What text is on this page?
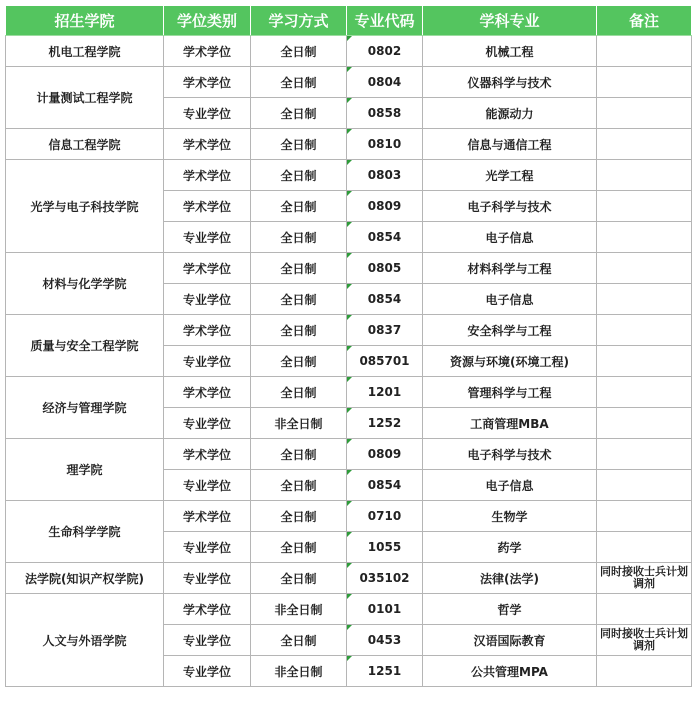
招生学院	学位类别	学习方式	专业代码	学科专业	备注
机电工程学院	学术学位	全日制	0802	机械工程	
计量测试工程学院	学术学位	全日制	0804	仪器科学与技术	
	专业学位	全日制	0858	能源动力	
信息工程学院	学术学位	全日制	0810	信息与通信工程	
光学与电子科技学院	学术学位	全日制	0803	光学工程	
	学术学位	全日制	0809	电子科学与技术	
	专业学位	全日制	0854	电子信息	
材料与化学学院	学术学位	全日制	0805	材料科学与工程	
	专业学位	全日制	0854	电子信息	
质量与安全工程学院	学术学位	全日制	0837	安全科学与工程	
	专业学位	全日制	085701	资源与环境(环境工程)	
经济与管理学院	学术学位	全日制	1201	管理科学与工程	
	专业学位	非全日制	1252	工商管理MBA	
理学院	学术学位	全日制	0809	电子科学与技术	
	专业学位	全日制	0854	电子信息	
生命科学学院	学术学位	全日制	0710	生物学	
	专业学位	全日制	1055	药学	
法学院(知识产权学院)	专业学位	全日制	035102	法律(法学)	同时接收士兵计划调剂
人文与外语学院	学术学位	非全日制	0101	哲学	
	专业学位	全日制	0453	汉语国际教育	同时接收士兵计划调剂
	专业学位	非全日制	1251	公共管理MPA	
